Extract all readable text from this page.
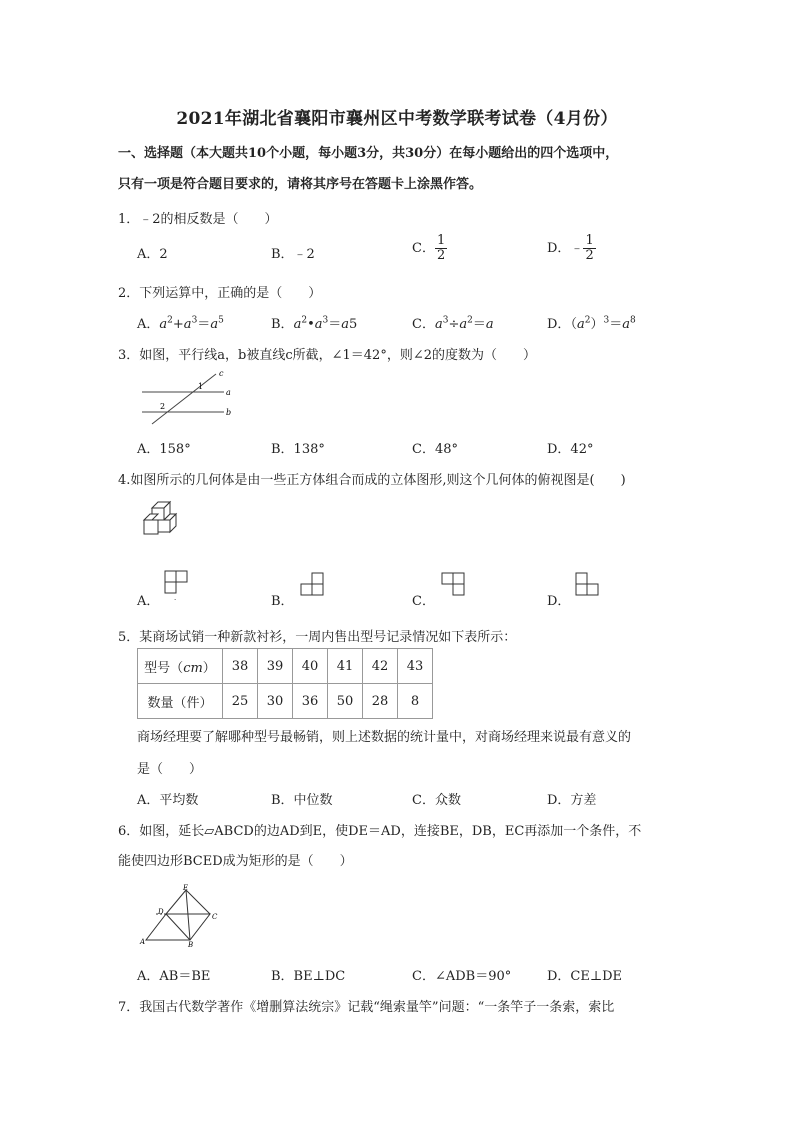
2021年湖北省襄阳市襄州区中考数学联考试卷（4月份）
一、选择题（本大题共10个小题，每小题3分，共30分）在每小题给出的四个选项中，
只有一项是符合题目要求的，请将其序号在答题卡上涂黑作答。
1．﹣2的相反数是（　　）
A．2	B．﹣2	C． $\frac{1}{2}$	D．﹣ $\frac{1}{2}$
2．下列运算中，正确的是（　　）
A．$a^2+a^3=a^5$	B．$a^2•a^3=a5$	C．$a^3\div a^2=a$	D．$(a^2)^3=a^8$
3．如图，平行线a，b被直线c所截，∠1＝42°，则∠2的度数为（　　）
c
1
a
2
b
A．158°	B．138°	C．48°	D．42°
4.如图所示的几何体是由一些正方体组合而成的立体图形,则这个几何体的俯视图是(　　)
A． .	B．	C．	D．
5．某商场试销一种新款衬衫，一周内售出型号记录情况如下表所示：
型号（cm）	38	39	40	41	42	43
数量（件）	25	30	36	50	28	8
商场经理要了解哪种型号最畅销，则上述数据的统计量中，对商场经理来说最有意义的
是（　　）
A．平均数	B．中位数	C．众数	D．方差
6．如图，延长▱ABCD的边AD到E，使DE＝AD，连接BE，DB，EC再添加一个条件，不
能使四边形BCED成为矩形的是（　　）
E
D
C
A	B
A．AB＝BE	B．BE⊥DC	C．∠ADB＝90°	D．CE⊥DE
7．我国古代数学著作《增删算法统宗》记载“绳索量竿”问题：“一条竿子一条索，索比
